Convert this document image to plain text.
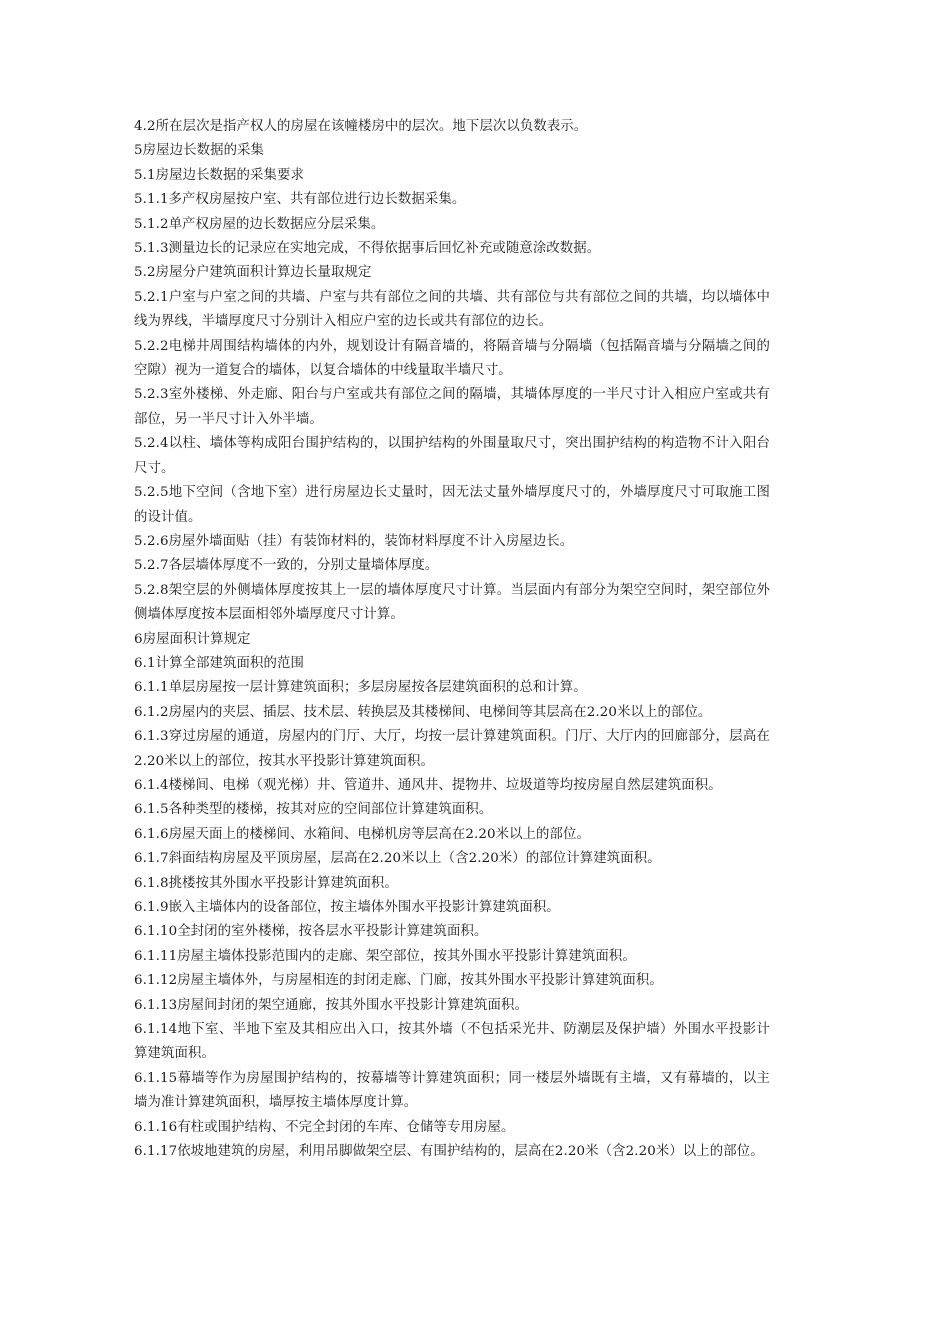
4.2所在层次是指产权人的房屋在该幢楼房中的层次。地下层次以负数表示。

5房屋边长数据的采集

5.1房屋边长数据的采集要求

5.1.1多产权房屋按户室、共有部位进行边长数据采集。

5.1.2单产权房屋的边长数据应分层采集。

5.1.3测量边长的记录应在实地完成，不得依据事后回忆补充或随意涂改数据。

5.2房屋分户建筑面积计算边长量取规定

5.2.1户室与户室之间的共墙、户室与共有部位之间的共墙、共有部位与共有部位之间的共墙，均以墙体中线为界线，半墙厚度尺寸分别计入相应户室的边长或共有部位的边长。

5.2.2电梯井周围结构墙体的内外，规划设计有隔音墙的，将隔音墙与分隔墙（包括隔音墙与分隔墙之间的空隙）视为一道复合的墙体，以复合墙体的中线量取半墙尺寸。

5.2.3室外楼梯、外走廊、阳台与户室或共有部位之间的隔墙，其墙体厚度的一半尺寸计入相应户室或共有部位，另一半尺寸计入外半墙。

5.2.4以柱、墙体等构成阳台围护结构的，以围护结构的外围量取尺寸，突出围护结构的构造物不计入阳台尺寸。

5.2.5地下空间（含地下室）进行房屋边长丈量时，因无法丈量外墙厚度尺寸的，外墙厚度尺寸可取施工图的设计值。

5.2.6房屋外墙面贴（挂）有装饰材料的，装饰材料厚度不计入房屋边长。

5.2.7各层墙体厚度不一致的，分别丈量墙体厚度。

5.2.8架空层的外侧墙体厚度按其上一层的墙体厚度尺寸计算。当层面内有部分为架空空间时，架空部位外侧墙体厚度按本层面相邻外墙厚度尺寸计算。

6房屋面积计算规定

6.1计算全部建筑面积的范围

6.1.1单层房屋按一层计算建筑面积；多层房屋按各层建筑面积的总和计算。

6.1.2房屋内的夹层、插层、技术层、转换层及其楼梯间、电梯间等其层高在2.20米以上的部位。

6.1.3穿过房屋的通道，房屋内的门厅、大厅，均按一层计算建筑面积。门厅、大厅内的回廊部分，层高在2.20米以上的部位，按其水平投影计算建筑面积。

6.1.4楼梯间、电梯（观光梯）井、管道井、通风井、提物井、垃圾道等均按房屋自然层建筑面积。

6.1.5各种类型的楼梯，按其对应的空间部位计算建筑面积。

6.1.6房屋天面上的楼梯间、水箱间、电梯机房等层高在2.20米以上的部位。

6.1.7斜面结构房屋及平顶房屋，层高在2.20米以上（含2.20米）的部位计算建筑面积。

6.1.8挑楼按其外围水平投影计算建筑面积。

6.1.9嵌入主墙体内的设备部位，按主墙体外围水平投影计算建筑面积。

6.1.10全封闭的室外楼梯，按各层水平投影计算建筑面积。

6.1.11房屋主墙体投影范围内的走廊、架空部位，按其外围水平投影计算建筑面积。

6.1.12房屋主墙体外，与房屋相连的封闭走廊、门廊，按其外围水平投影计算建筑面积。

6.1.13房屋间封闭的架空通廊，按其外围水平投影计算建筑面积。

6.1.14地下室、半地下室及其相应出入口，按其外墙（不包括采光井、防潮层及保护墙）外围水平投影计算建筑面积。

6.1.15幕墙等作为房屋围护结构的，按幕墙等计算建筑面积；同一楼层外墙既有主墙，又有幕墙的，以主墙为准计算建筑面积，墙厚按主墙体厚度计算。

6.1.16有柱或围护结构、不完全封闭的车库、仓储等专用房屋。

6.1.17依坡地建筑的房屋，利用吊脚做架空层、有围护结构的，层高在2.20米（含2.20米）以上的部位。
